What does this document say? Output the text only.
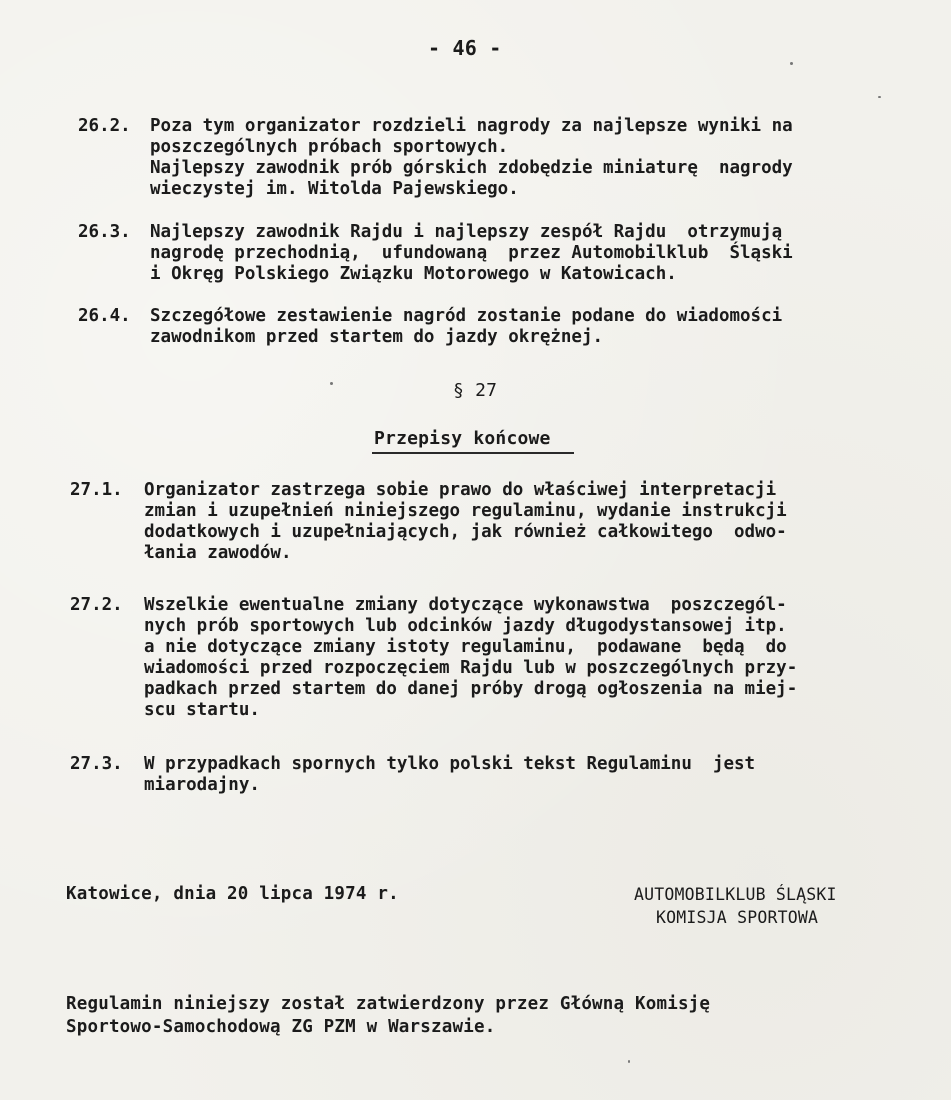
- 46 -
26.2. Poza tym organizator rozdzieli nagrody za najlepsze wyniki na
poszczególnych próbach sportowych.
Najlepszy zawodnik prób górskich zdobędzie miniaturę  nagrody
wieczystej im. Witolda Pajewskiego.
26.3. Najlepszy zawodnik Rajdu i najlepszy zespół Rajdu  otrzymują
nagrodę przechodnią,  ufundowaną  przez Automobilklub  Śląski
i Okręg Polskiego Związku Motorowego w Katowicach.
26.4. Szczegółowe zestawienie nagród zostanie podane do wiadomości
zawodnikom przed startem do jazdy okrężnej.
§ 27
Przepisy końcowe
27.1. Organizator zastrzega sobie prawo do właściwej interpretacji
zmian i uzupełnień niniejszego regulaminu, wydanie instrukcji
dodatkowych i uzupełniających, jak również całkowitego  odwo-
łania zawodów.
27.2. Wszelkie ewentualne zmiany dotyczące wykonawstwa  poszczegól-
nych prób sportowych lub odcinków jazdy długodystansowej itp.
a nie dotyczące zmiany istoty regulaminu,  podawane  będą  do
wiadomości przed rozpoczęciem Rajdu lub w poszczególnych przy-
padkach przed startem do danej próby drogą ogłoszenia na miej-
scu startu.
27.3. W przypadkach spornych tylko polski tekst Regulaminu  jest
miarodajny.
Katowice, dnia 20 lipca 1974 r.	AUTOMOBILKLUB ŚLĄSKI
KOMISJA SPORTOWA
Regulamin niniejszy został zatwierdzony przez Główną Komisję
Sportowo-Samochodową ZG PZM w Warszawie.
